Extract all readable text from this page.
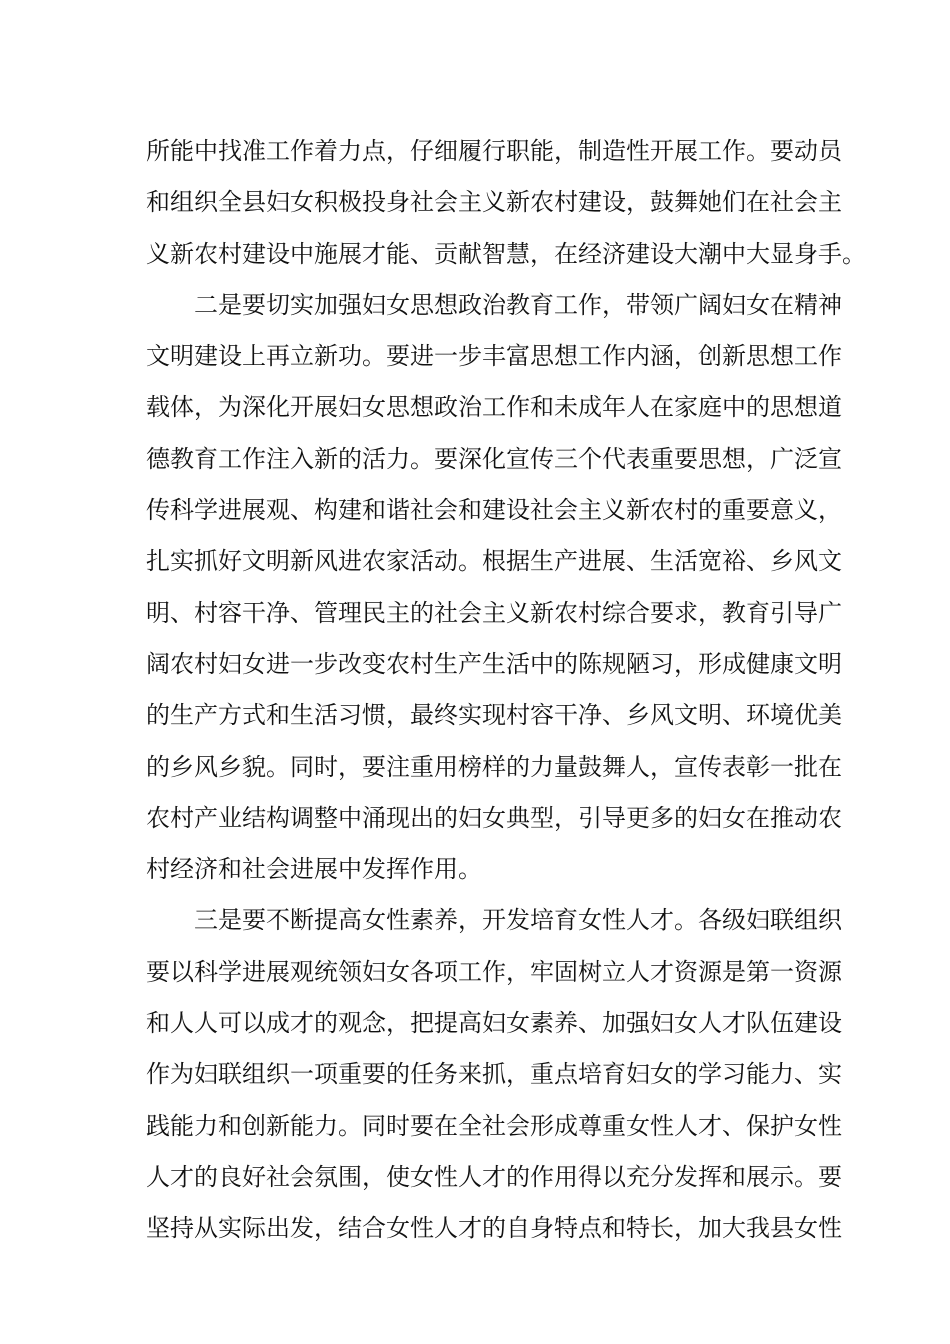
所能中找准工作着力点，仔细履行职能，制造性开展工作。要动员
和组织全县妇女积极投身社会主义新农村建设，鼓舞她们在社会主
义新农村建设中施展才能、贡献智慧，在经济建设大潮中大显身手。
二是要切实加强妇女思想政治教育工作，带领广阔妇女在精神
文明建设上再立新功。要进一步丰富思想工作内涵，创新思想工作
载体，为深化开展妇女思想政治工作和未成年人在家庭中的思想道
德教育工作注入新的活力。要深化宣传三个代表重要思想，广泛宣
传科学进展观、构建和谐社会和建设社会主义新农村的重要意义，
扎实抓好文明新风进农家活动。根据生产进展、生活宽裕、乡风文
明、村容干净、管理民主的社会主义新农村综合要求，教育引导广
阔农村妇女进一步改变农村生产生活中的陈规陋习，形成健康文明
的生产方式和生活习惯，最终实现村容干净、乡风文明、环境优美
的乡风乡貌。同时，要注重用榜样的力量鼓舞人，宣传表彰一批在
农村产业结构调整中涌现出的妇女典型，引导更多的妇女在推动农
村经济和社会进展中发挥作用。
三是要不断提高女性素养，开发培育女性人才。各级妇联组织
要以科学进展观统领妇女各项工作，牢固树立人才资源是第一资源
和人人可以成才的观念，把提高妇女素养、加强妇女人才队伍建设
作为妇联组织一项重要的任务来抓，重点培育妇女的学习能力、实
践能力和创新能力。同时要在全社会形成尊重女性人才、保护女性
人才的良好社会氛围，使女性人才的作用得以充分发挥和展示。要
坚持从实际出发，结合女性人才的自身特点和特长，加大我县女性
